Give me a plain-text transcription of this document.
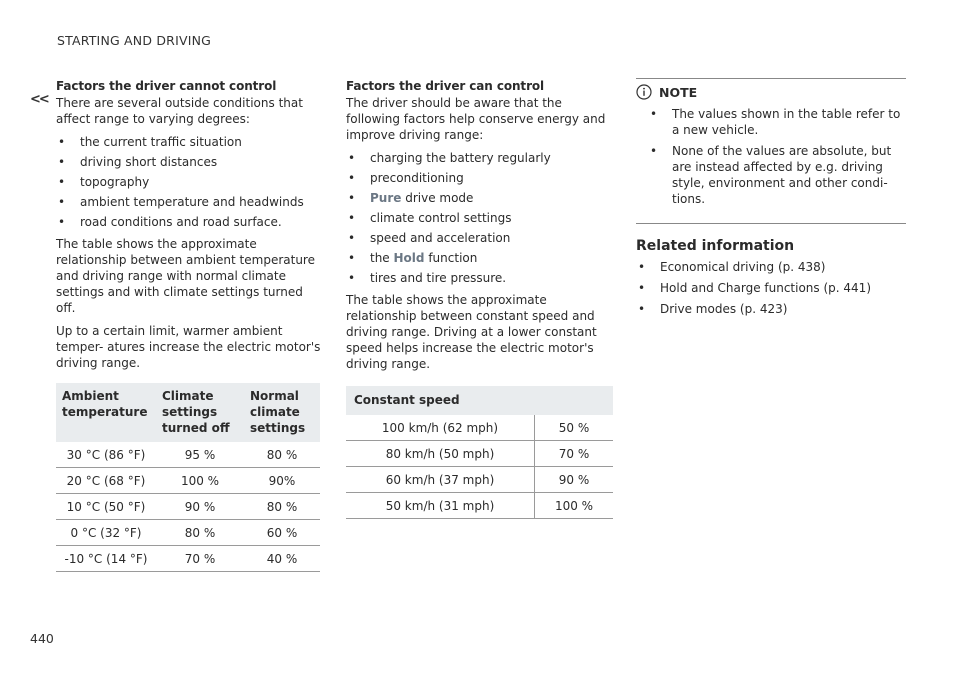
STARTING AND DRIVING
<<
Factors the driver cannot control

There are several outside conditions that affect range to varying degrees:

• the current traffic situation
• driving short distances
• topography
• ambient temperature and headwinds
• road conditions and road surface.

The table shows the approximate relationship between ambient temperature and driving range with normal climate settings and with climate settings turned off.

Up to a certain limit, warmer ambient temper- atures increase the electric motor's driving range.

Ambient temperature	Climate settings turned off	Normal climate settings
30 °C (86 °F)	95 %	80 %
20 °C (68 °F)	100 %	90%
10 °C (50 °F)	90 %	80 %
0 °C (32 °F)	80 %	60 %
-10 °C (14 °F)	70 %	40 %
Factors the driver can control

The driver should be aware that the following factors help conserve energy and improve driving range:

• charging the battery regularly
• preconditioning
• Pure drive mode
• climate control settings
• speed and acceleration
• the Hold function
• tires and tire pressure.

The table shows the approximate relationship between constant speed and driving range. Driving at a lower constant speed helps increase the electric motor's driving range.

Constant speed	
100 km/h (62 mph)	50 %
80 km/h (50 mph)	70 %
60 km/h (37 mph)	90 %
50 km/h (31 mph)	100 %
NOTE
• The values shown in the table refer to a new vehicle.
• None of the values are absolute, but are instead affected by e.g. driving style, environment and other condi- tions.
Related information
• Economical driving (p. 438)
• Hold and Charge functions (p. 441)
• Drive modes (p. 423)
440
